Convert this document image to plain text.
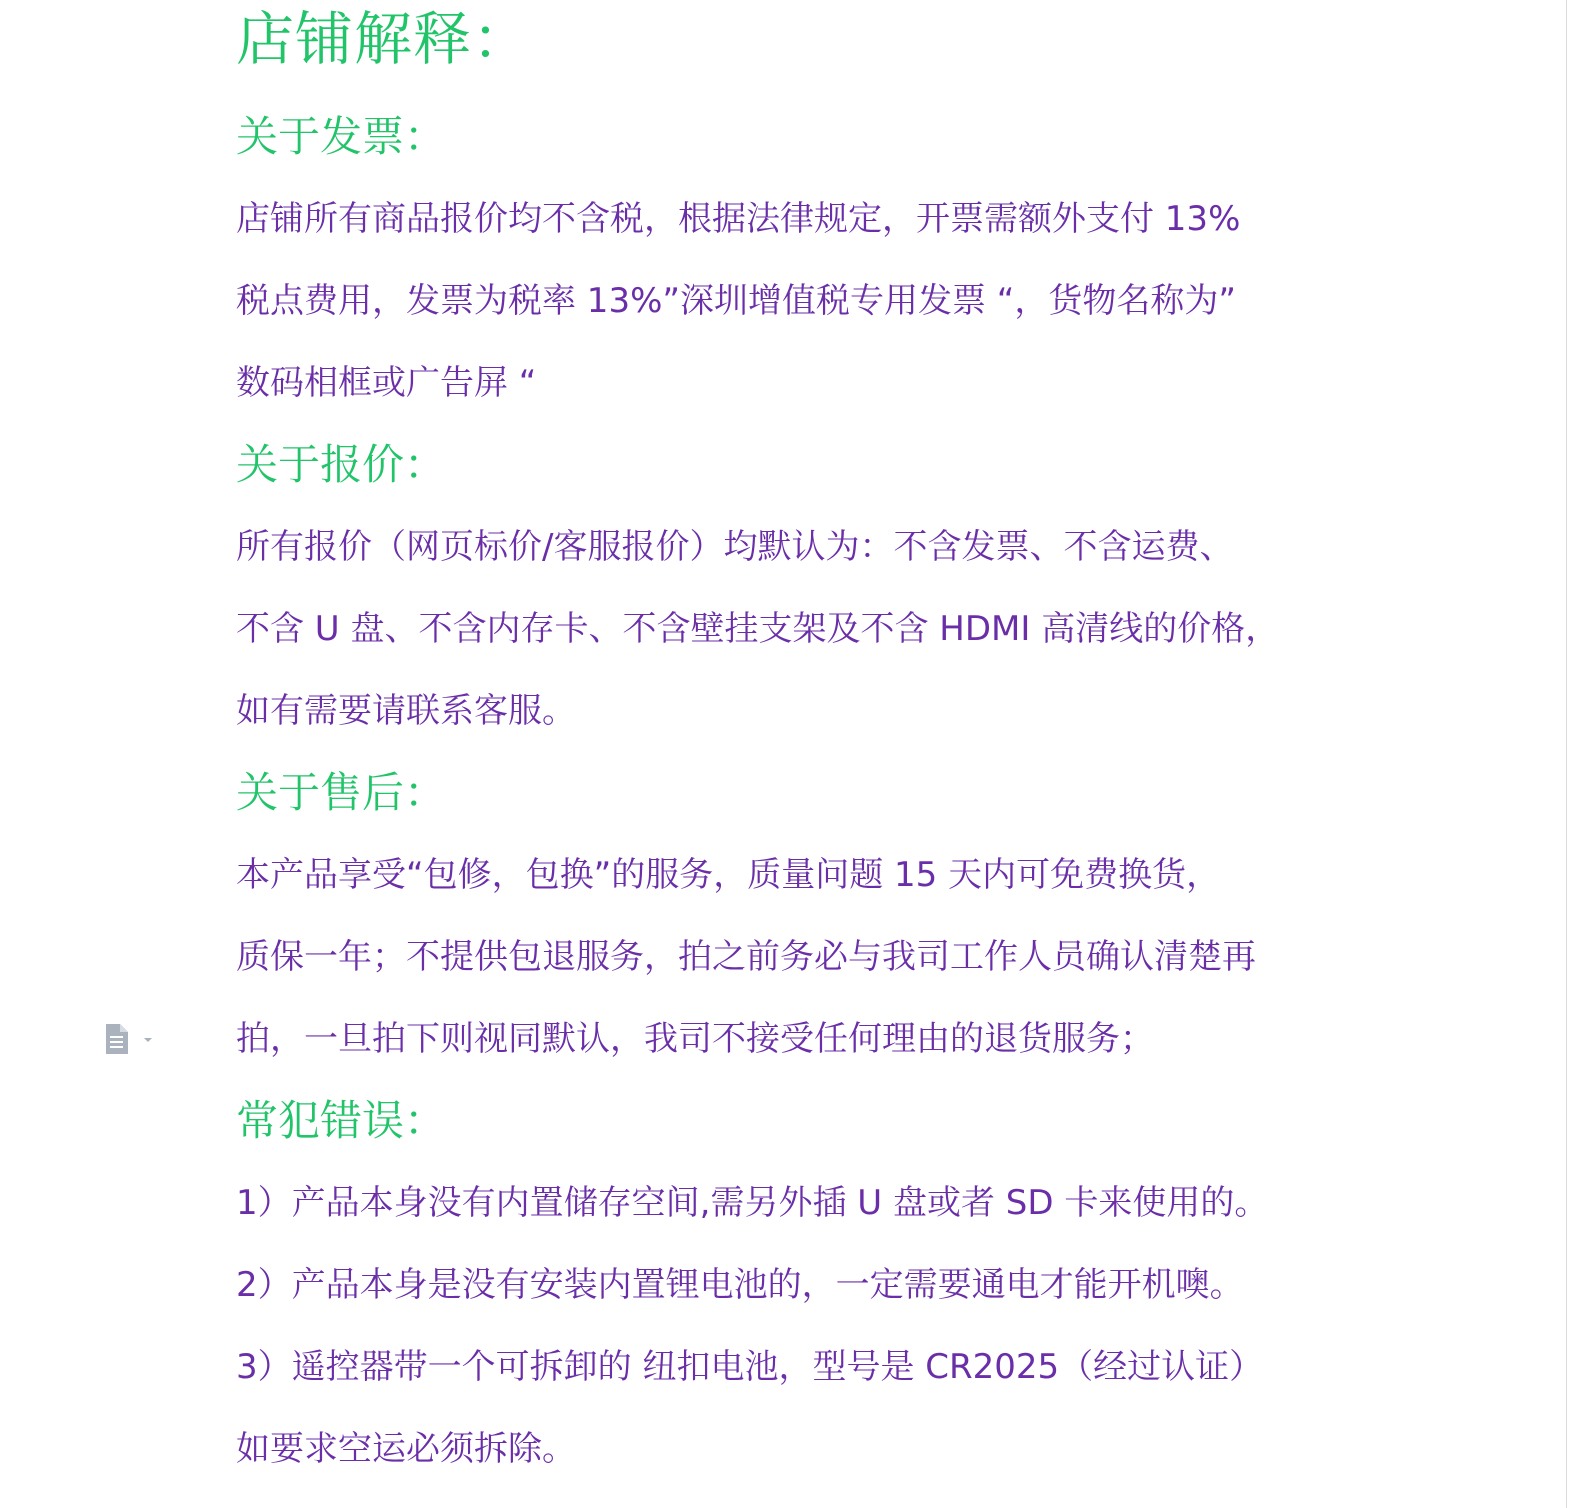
店铺解释：
关于发票：

店铺所有商品报价均不含税，根据法律规定，开票需额外支付 13%
税点费用，发票为税率 13%”深圳增值税专用发票 “，货物名称为”
数码相框或广告屏 “

关于报价：

所有报价（网页标价/客服报价）均默认为：不含发票、不含运费、
不含 U 盘、不含内存卡、不含壁挂支架及不含 HDMI 高清线的价格，
如有需要请联系客服。

关于售后：

本产品享受“包修，包换”的服务，质量问题 15 天内可免费换货，
质保一年；不提供包退服务，拍之前务必与我司工作人员确认清楚再
拍，一旦拍下则视同默认，我司不接受任何理由的退货服务；

常犯错误：

1）产品本身没有内置储存空间,需另外插 U 盘或者 SD 卡来使用的。
2）产品本身是没有安装内置锂电池的，一定需要通电才能开机噢。
3）遥控器带一个可拆卸的 纽扣电池，型号是 CR2025（经过认证）
如要求空运必须拆除。
